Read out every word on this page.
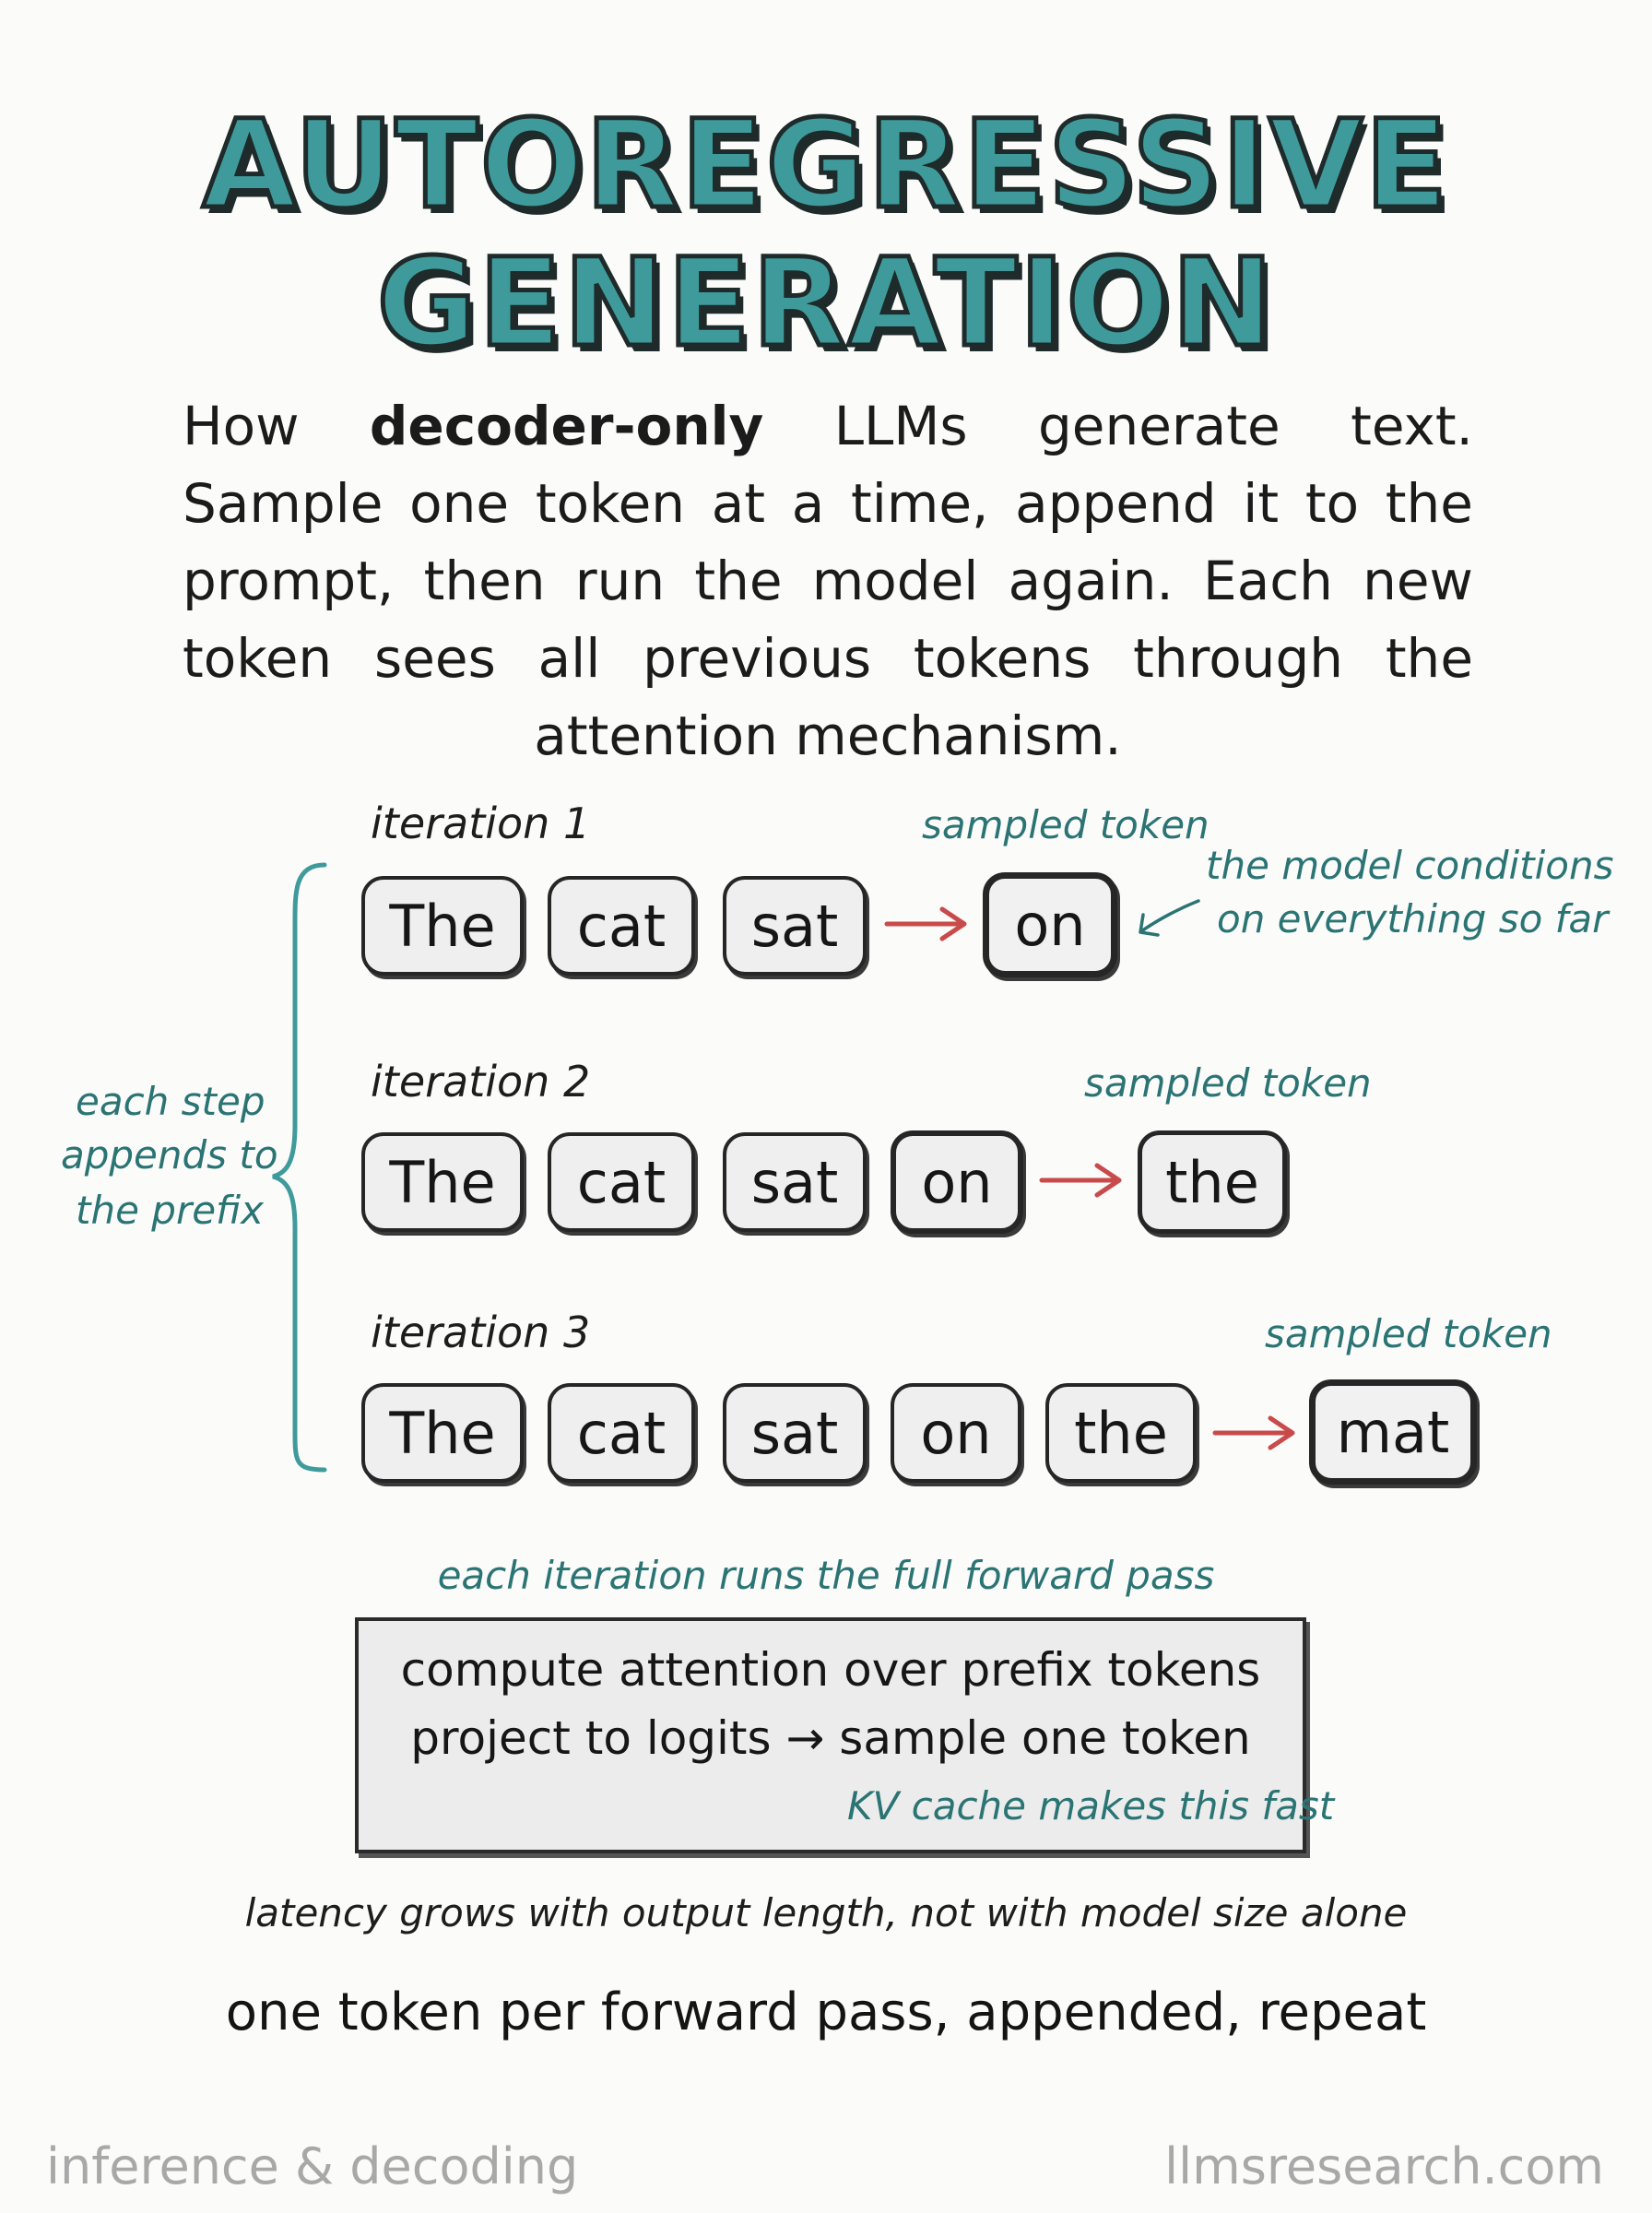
AUTOREGRESSIVE
GENERATION

How decoder-only LLMs generate text. Sample one token at a time, append it to the prompt, then run the model again. Each new token sees all previous tokens through the attention mechanism.

each step
appends to
the prefix
iteration 1	sampled token
the model conditions
on everything so far
The	cat	sat	on
iteration 2	sampled token
The	cat	sat	on	the
iteration 3	sampled token
The	cat	sat	on	the	mat
each iteration runs the full forward pass
compute attention over prefix tokens
project to logits → sample one token
KV cache makes this fast
latency grows with output length, not with model size alone
one token per forward pass, appended, repeat
inference & decoding	llmsresearch.com
